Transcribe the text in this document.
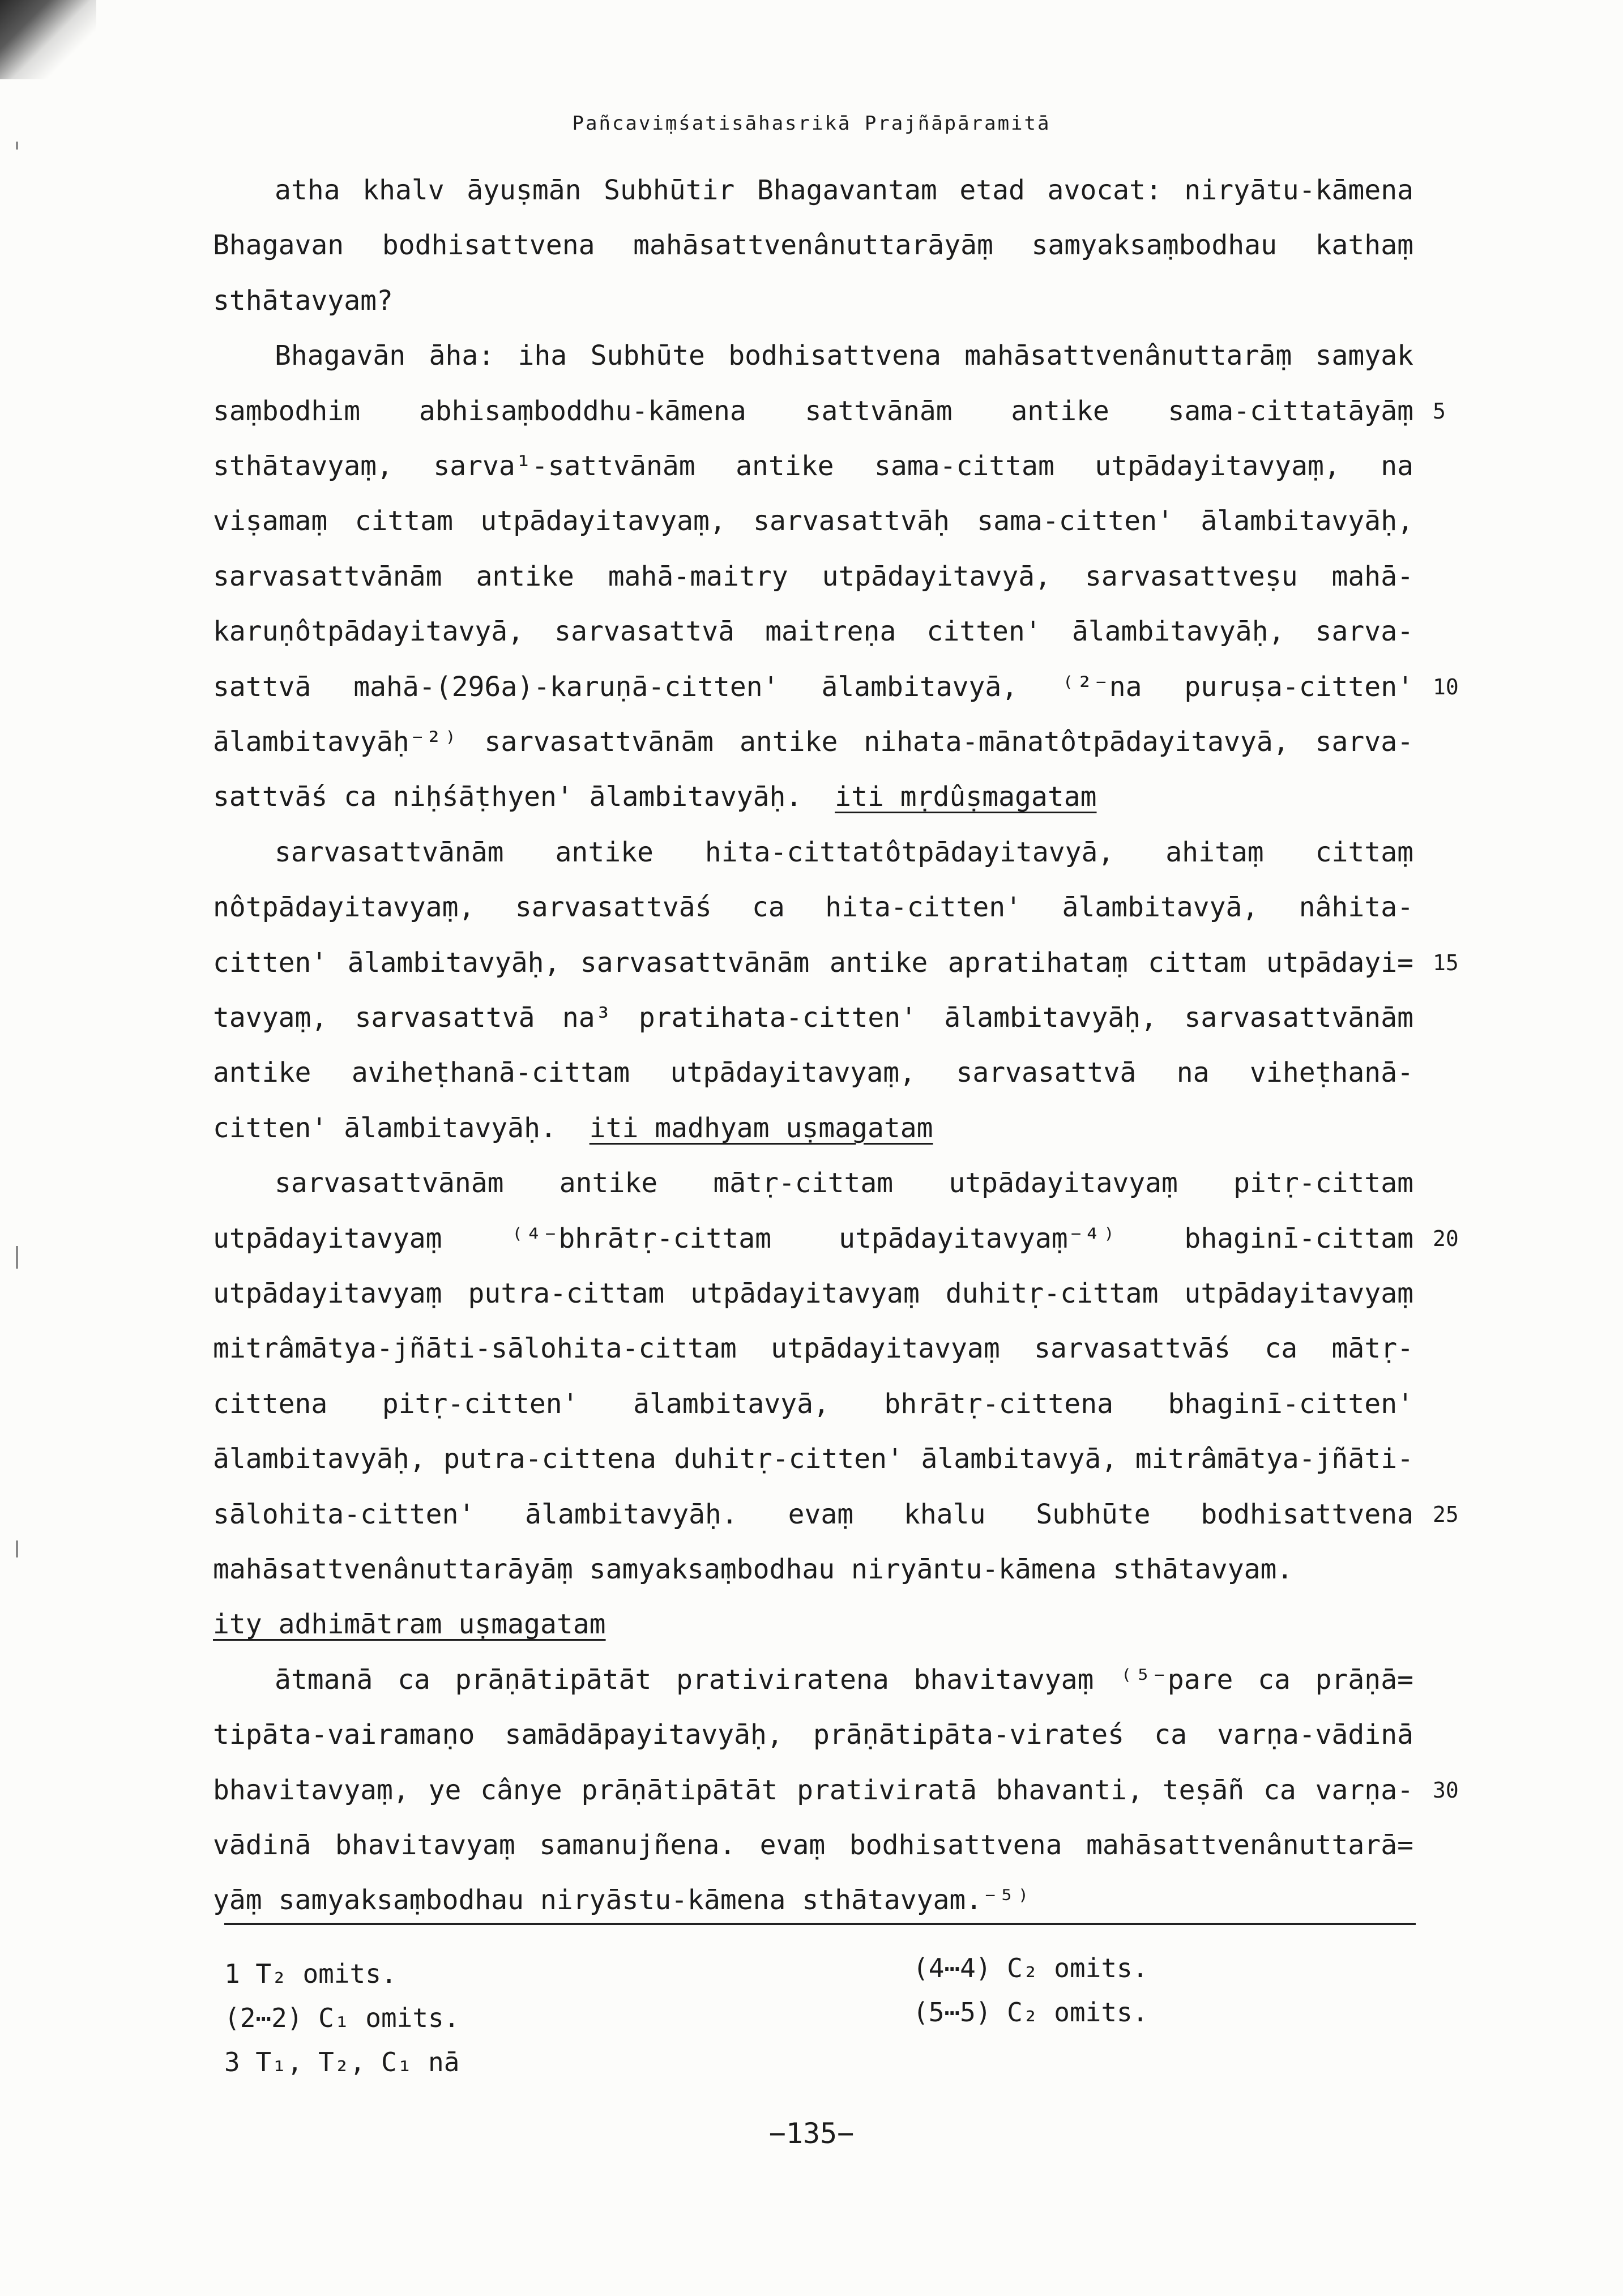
Pañcaviṃśatisāhasrikā Prajñāpāramitā
atha khalv āyuṣmān Subhūtir Bhagavantam etad avocat: niryātu-kāmena
Bhagavan bodhisattvena mahāsattvenânuttarāyāṃ samyaksaṃbodhau kathaṃ
sthātavyam?
Bhagavān āha: iha Subhūte bodhisattvena mahāsattvenânuttarāṃ samyak
saṃbodhim abhisaṃboddhu-kāmena sattvānām antike sama-cittatāyāṃ 5
sthātavyaṃ, sarva¹-sattvānām antike sama-cittam utpādayitavyaṃ, na
viṣamaṃ cittam utpādayitavyaṃ, sarvasattvāḥ sama-citten' ālambitavyāḥ,
sarvasattvānām antike mahā-maitry utpādayitavyā, sarvasattveṣu mahā-
karuṇôtpādayitavyā, sarvasattvā maitreṇa citten' ālambitavyāḥ, sarva-
sattvā mahā-(296a)-karuṇā-citten' ālambitavyā, ⁽²⁻na puruṣa-citten' 10
ālambitavyāḥ⁻²⁾ sarvasattvānām antike nihata-mānatôtpādayitavyā, sarva-
sattvāś ca niḥśāṭhyen' ālambitavyāḥ.   iti mṛdûṣmagatam
sarvasattvānām antike hita-cittatôtpādayitavyā, ahitaṃ cittaṃ
nôtpādayitavyaṃ, sarvasattvāś ca hita-citten' ālambitavyā, nâhita-
citten' ālambitavyāḥ, sarvasattvānām antike apratihataṃ cittam utpādayi= 15
tavyaṃ, sarvasattvā na³ pratihata-citten' ālambitavyāḥ, sarvasattvānām
antike aviheṭhanā-cittam utpādayitavyaṃ, sarvasattvā na viheṭhanā-
citten' ālambitavyāḥ.   iti madhyam uṣmagatam
sarvasattvānām antike mātṛ-cittam utpādayitavyaṃ pitṛ-cittam
utpādayitavyaṃ ⁽⁴⁻bhrātṛ-cittam utpādayitavyaṃ⁻⁴⁾ bhaginī-cittam 20
utpādayitavyaṃ putra-cittam utpādayitavyaṃ duhitṛ-cittam utpādayitavyaṃ
mitrâmātya-jñāti-sālohita-cittam utpādayitavyaṃ sarvasattvāś ca mātṛ-
cittena pitṛ-citten' ālambitavyā, bhrātṛ-cittena bhaginī-citten'
ālambitavyāḥ, putra-cittena duhitṛ-citten' ālambitavyā, mitrâmātya-jñāti-
sālohita-citten' ālambitavyāḥ. evaṃ khalu Subhūte bodhisattvena 25
mahāsattvenânuttarāyāṃ samyaksaṃbodhau niryāntu-kāmena sthātavyam.
ity adhimātram uṣmagatam
ātmanā ca prāṇātipātāt prativiratena bhavitavyaṃ ⁽⁵⁻pare ca prāṇā=
tipāta-vairamaṇo samādāpayitavyāḥ, prāṇātipāta-virateś ca varṇa-vādinā
bhavitavyaṃ, ye cânye prāṇātipātāt prativiratā bhavanti, teṣāñ ca varṇa- 30
vādinā bhavitavyaṃ samanujñena. evaṃ bodhisattvena mahāsattvenânuttarā=
yāṃ samyaksaṃbodhau niryāstu-kāmena sthātavyam.⁻⁵⁾
1 T₂ omits.
(2⋯2) C₁ omits.
3 T₁, T₂, C₁ nā
(4⋯4) C₂ omits.
(5⋯5) C₂ omits.
−135−
